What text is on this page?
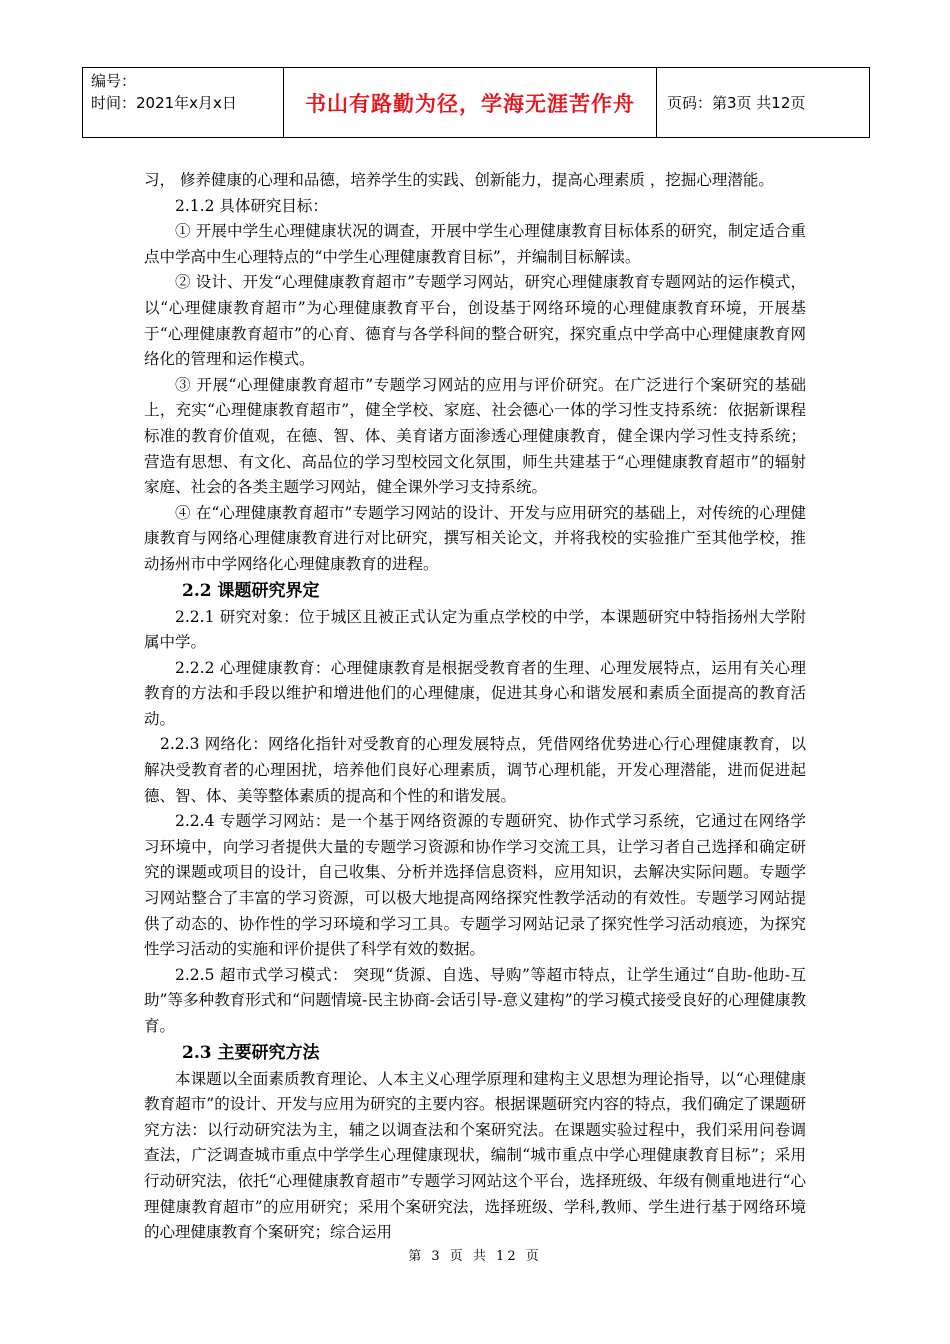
编号：
时间：2021年x月x日	书山有路勤为径，学海无涯苦作舟 页码：第3页 共12页

习， 修养健康的心理和品德，培养学生的实践、创新能力，提高心理素质 ，挖掘心理潜能。

2.1.2 具体研究目标：

① 开展中学生心理健康状况的调查，开展中学生心理健康教育目标体系的研究，制定适合重点中学高中生心理特点的“中学生心理健康教育目标”，并编制目标解读。

② 设计、开发“心理健康教育超市”专题学习网站，研究心理健康教育专题网站的运作模式，以“心理健康教育超市”为心理健康教育平台，创设基于网络环境的心理健康教育环境，开展基于“心理健康教育超市”的心育、德育与各学科间的整合研究，探究重点中学高中心理健康教育网络化的管理和运作模式。

③ 开展“心理健康教育超市”专题学习网站的应用与评价研究。在广泛进行个案研究的基础上，充实“心理健康教育超市”，健全学校、家庭、社会德心一体的学习性支持系统：依据新课程标准的教育价值观，在德、智、体、美育诸方面渗透心理健康教育，健全课内学习性支持系统；营造有思想、有文化、高品位的学习型校园文化氛围，师生共建基于“心理健康教育超市”的辐射家庭、社会的各类主题学习网站，健全课外学习支持系统。

④ 在“心理健康教育超市”专题学习网站的设计、开发与应用研究的基础上，对传统的心理健康教育与网络心理健康教育进行对比研究，撰写相关论文，并将我校的实验推广至其他学校，推动扬州市中学网络化心理健康教育的进程。

2.2 课题研究界定

2.2.1 研究对象：位于城区且被正式认定为重点学校的中学，本课题研究中特指扬州大学附属中学。

2.2.2 心理健康教育：心理健康教育是根据受教育者的生理、心理发展特点，运用有关心理教育的方法和手段以维护和增进他们的心理健康，促进其身心和谐发展和素质全面提高的教育活动。

2.2.3 网络化：网络化指针对受教育的心理发展特点，凭借网络优势进心行心理健康教育，以解决受教育者的心理困扰，培养他们良好心理素质，调节心理机能，开发心理潜能，进而促进起德、智、体、美等整体素质的提高和个性的和谐发展。

2.2.4 专题学习网站：是一个基于网络资源的专题研究、协作式学习系统，它通过在网络学习环境中，向学习者提供大量的专题学习资源和协作学习交流工具，让学习者自己选择和确定研究的课题或项目的设计，自己收集、分析并选择信息资料，应用知识，去解决实际问题。专题学习网站整合了丰富的学习资源，可以极大地提高网络探究性教学活动的有效性。专题学习网站提供了动态的、协作性的学习环境和学习工具。专题学习网站记录了探究性学习活动痕迹，为探究性学习活动的实施和评价提供了科学有效的数据。

2.2.5 超市式学习模式： 突现“货源、自选、导购”等超市特点，让学生通过“自助-他助-互助”等多种教育形式和“问题情境-民主协商-会话引导-意义建构”的学习模式接受良好的心理健康教育。

2.3 主要研究方法

本课题以全面素质教育理论、人本主义心理学原理和建构主义思想为理论指导，以“心理健康教育超市”的设计、开发与应用为研究的主要内容。根据课题研究内容的特点，我们确定了课题研究方法：以行动研究法为主，辅之以调查法和个案研究法。在课题实验过程中，我们采用问卷调查法，广泛调查城市重点中学学生心理健康现状，编制“城市重点中学心理健康教育目标”；采用行动研究法，依托“心理健康教育超市”专题学习网站这个平台，选择班级、年级有侧重地进行“心理健康教育超市”的应用研究；采用个案研究法，选择班级、学科,教师、学生进行基于网络环境的心理健康教育个案研究；综合运用

第 3 页 共 12 页
